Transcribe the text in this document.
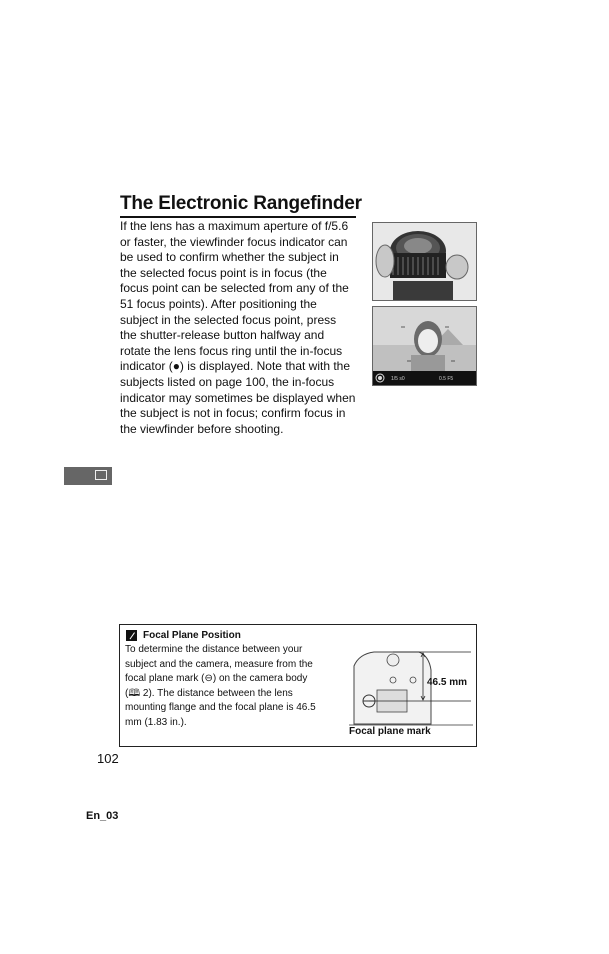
The Electronic Rangefinder

If the lens has a maximum aperture of f/5.6 or faster, the viewfinder focus indicator can be used to confirm whether the subject in the selected focus point is in focus (the focus point can be selected from any of the 51 focus points). After positioning the subject in the selected focus point, press the shutter-release button halfway and rotate the lens focus ring until the in-focus indicator (●) is displayed. Note that with the subjects listed on page 100, the in-focus indicator may sometimes be displayed when the subject is not in focus; confirm focus in the viewfinder before shooting.

1/5 s0	0.5 F5
Focal Plane Position

To determine the distance between your subject and the camera, measure from the focal plane mark (⊖) on the camera body (🕮 2). The distance between the lens mounting flange and the focal plane is 46.5 mm (1.83 in.).

46.5 mm
Focal plane mark
102
En_03
